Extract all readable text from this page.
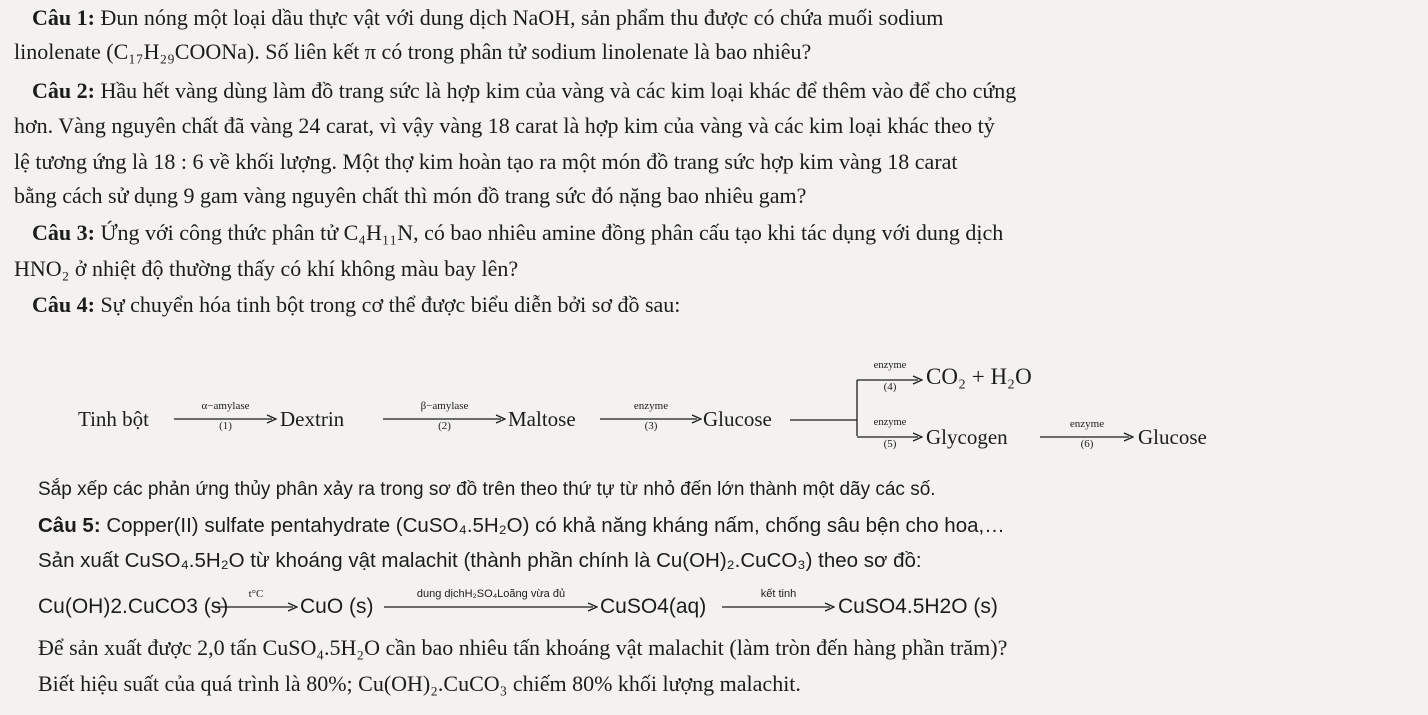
Câu 1: Đun nóng một loại dầu thực vật với dung dịch NaOH, sản phẩm thu được có chứa muối sodium
linolenate (C₁₇H₂₉COONa). Số liên kết π có trong phân tử sodium linolenate là bao nhiêu?
Câu 2: Hầu hết vàng dùng làm đồ trang sức là hợp kim của vàng và các kim loại khác để thêm vào để cho cứng
hơn. Vàng nguyên chất đã vàng 24 carat, vì vậy vàng 18 carat là hợp kim của vàng và các kim loại khác theo tỷ
lệ tương ứng là 18 : 6 về khối lượng. Một thợ kim hoàn tạo ra một món đồ trang sức hợp kim vàng 18 carat
bằng cách sử dụng 9 gam vàng nguyên chất thì món đồ trang sức đó nặng bao nhiêu gam?
Câu 3: Ứng với công thức phân tử C₄H₁₁N, có bao nhiêu amine đồng phân cấu tạo khi tác dụng với dung dịch
HNO₂ ở nhiệt độ thường thấy có khí không màu bay lên?
Câu 4: Sự chuyển hóa tinh bột trong cơ thể được biểu diễn bởi sơ đồ sau:
Tinh bột
α−amylase
(1)	Dextrin
β−amylase
(2)	Maltose
enzyme
(3)	Glucose
enzyme
(4)	CO₂ + H₂O
enzyme
(5)	Glycogen
enzyme
(6)	Glucose
Sắp xếp các phản ứng thủy phân xảy ra trong sơ đồ trên theo thứ tự từ nhỏ đến lớn thành một dãy các số.
Câu 5: Copper(II) sulfate pentahydrate (CuSO₄.5H₂O) có khả năng kháng nấm, chống sâu bện cho hoa,…
Sản xuất CuSO₄.5H₂O từ khoáng vật malachit (thành phần chính là Cu(OH)₂.CuCO₃) theo sơ đồ:
Cu(OH)2.CuCO3 (s)
t°C
CuO (s)
dung dịchH₂SO₄Loãng vừa đủ
CuSO4(aq)
kết tinh
CuSO4.5H2O (s)
Để sản xuất được 2,0 tấn CuSO₄.5H₂O cần bao nhiêu tấn khoáng vật malachit (làm tròn đến hàng phần trăm)?
Biết hiệu suất của quá trình là 80%; Cu(OH)₂.CuCO₃ chiếm 80% khối lượng malachit.
